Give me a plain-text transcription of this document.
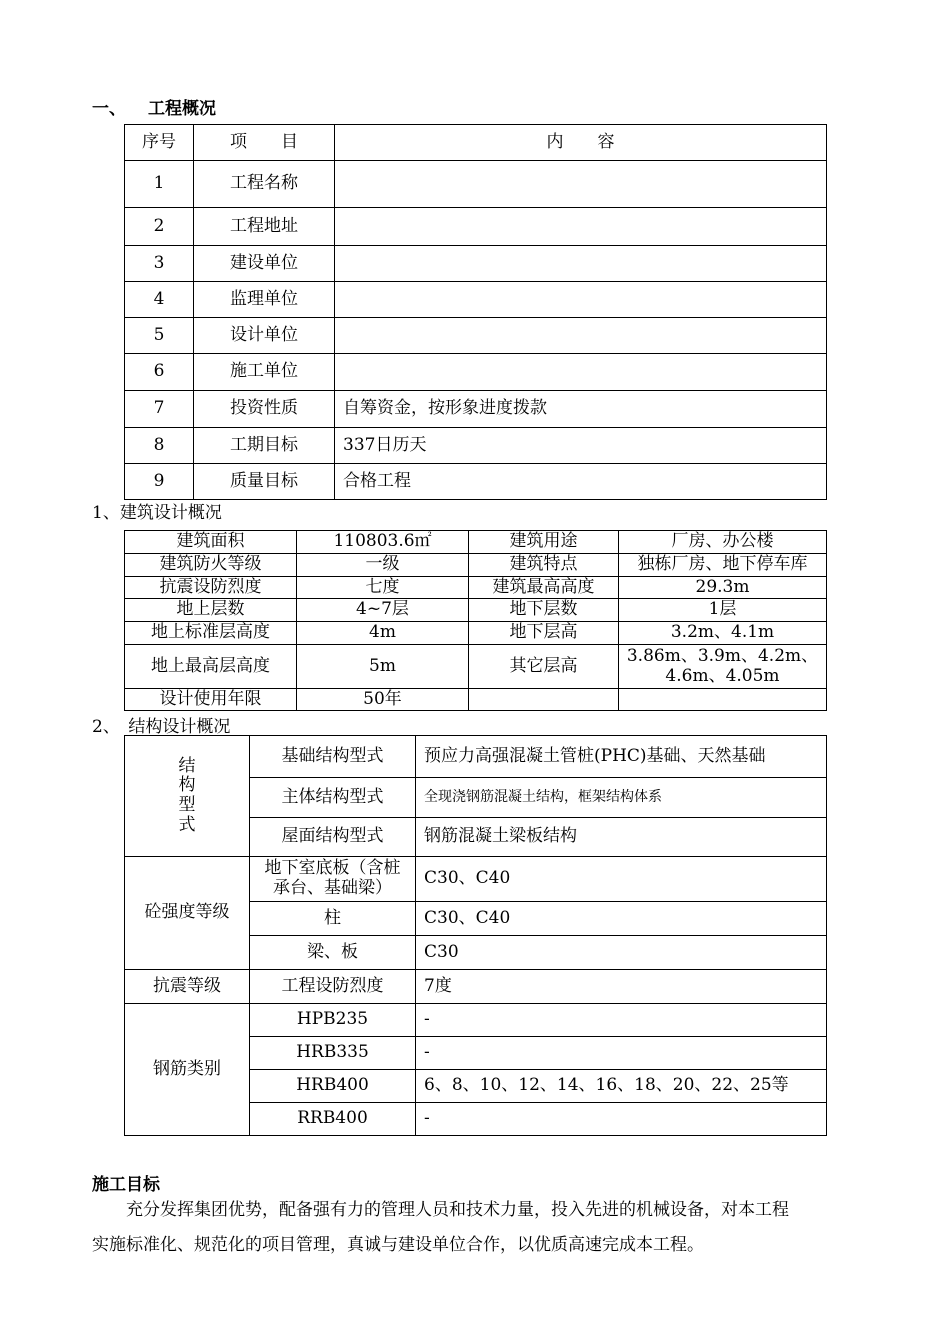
一、 工程概况
序号	项　　目	内　　容
1	工程名称	
2	工程地址	
3	建设单位	
4	监理单位	
5	设计单位	
6	施工单位	
7	投资性质	自筹资金，按形象进度拨款
8	工期目标	337日历天
9	质量目标	合格工程
1、建筑设计概况
建筑面积	110803.6㎡	建筑用途	厂房、办公楼
建筑防火等级	一级	建筑特点	独栋厂房、地下停车库
抗震设防烈度	七度	建筑最高高度	29.3m
地上层数	4~7层	地下层数	1层
地上标准层高度	4m	地下层高	3.2m、4.1m
地上最高层高度	5m	其它层高	3.86m、3.9m、4.2m、4.6m、4.05m
设计使用年限	50年		
2、　结构设计概况
结
构
型
式	基础结构型式	预应力高强混凝土管桩(PHC)基础、天然基础
	主体结构型式	全现浇钢筋混凝土结构，框架结构体系
	屋面结构型式	钢筋混凝土梁板结构
砼强度等级	地下室底板（含桩承台、基础梁）	C30、C40
	柱	C30、C40
	梁、板	C30
抗震等级	工程设防烈度	7度
钢筋类别	HPB235	-
	HRB335	-
	HRB400	6、8、10、12、14、16、18、20、22、25等
	RRB400	-
施工目标
充分发挥集团优势，配备强有力的管理人员和技术力量，投入先进的机械设备，对本工程
实施标准化、规范化的项目管理，真诚与建设单位合作，以优质高速完成本工程。
